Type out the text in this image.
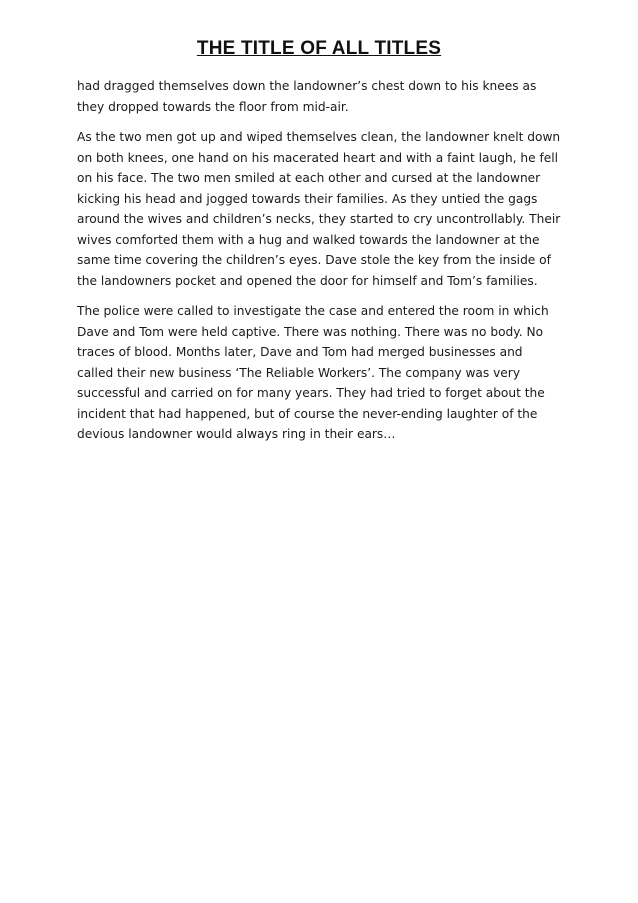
THE TITLE OF ALL TITLES

had dragged themselves down the landowner’s chest down to his knees as they dropped towards the floor from mid-air.

As the two men got up and wiped themselves clean, the landowner knelt down on both knees, one hand on his macerated heart and with a faint laugh, he fell on his face. The two men smiled at each other and cursed at the landowner kicking his head and jogged towards their families. As they untied the gags around the wives and children’s necks, they started to cry uncontrollably. Their wives comforted them with a hug and walked towards the landowner at the same time covering the children’s eyes. Dave stole the key from the inside of the landowners pocket and opened the door for himself and Tom’s families.

The police were called to investigate the case and entered the room in which Dave and Tom were held captive. There was nothing. There was no body. No traces of blood. Months later, Dave and Tom had merged businesses and called their new business ‘The Reliable Workers’. The company was very successful and carried on for many years. They had tried to forget about the incident that had happened, but of course the never-ending laughter of the devious landowner would always ring in their ears…
